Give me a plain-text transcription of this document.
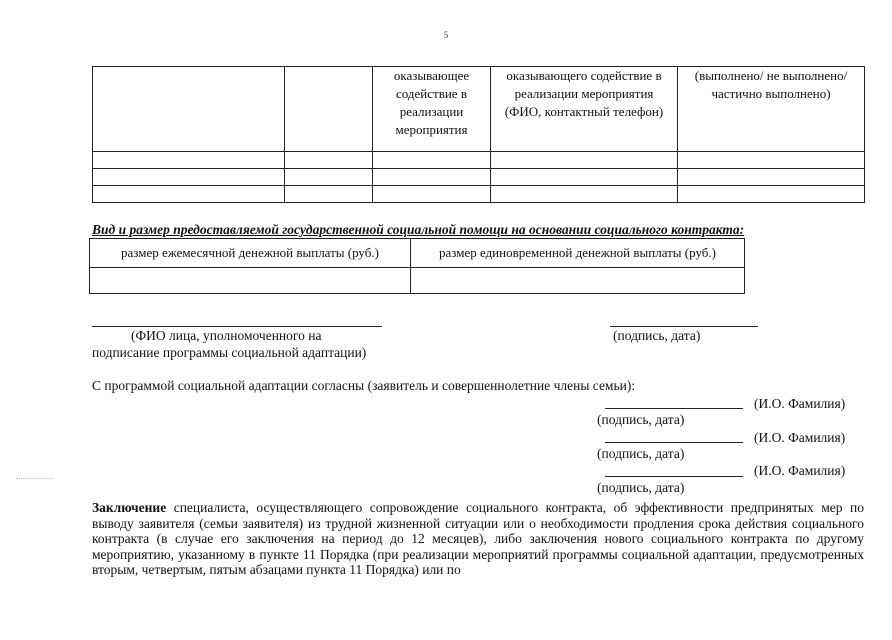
5
		оказывающее содействие в реализации мероприятия	оказывающего содействие в реализации мероприятия (ФИО, контактный телефон)	(выполнено/ не выполнено/ частично выполнено)

Вид и размер предоставляемой государственной социальной помощи на основании социального контракта:
размер ежемесячной денежной выплаты (руб.)	размер единовременной денежной выплаты (руб.)

(ФИО лица, уполномоченного на
подписание программы социальной адаптации)
(подпись, дата)
С программой социальной адаптации согласны (заявитель и совершеннолетние члены семьи):
(И.О. Фамилия)
(подпись, дата)
(И.О. Фамилия)
(подпись, дата)
(И.О. Фамилия)
(подпись, дата)
Заключение специалиста, осуществляющего сопровождение социального контракта, об эффективности предпринятых мер по выводу заявителя (семьи заявителя) из трудной жизненной ситуации или о необходимости продления срока действия социального контракта (в случае его заключения на период до 12 месяцев), либо заключения нового социального контракта по другому мероприятию, указанному в пункте 11 Порядка (при реализации мероприятий программы социальной адаптации, предусмотренных вторым, четвертым, пятым абзацами пункта 11 Порядка) или по
